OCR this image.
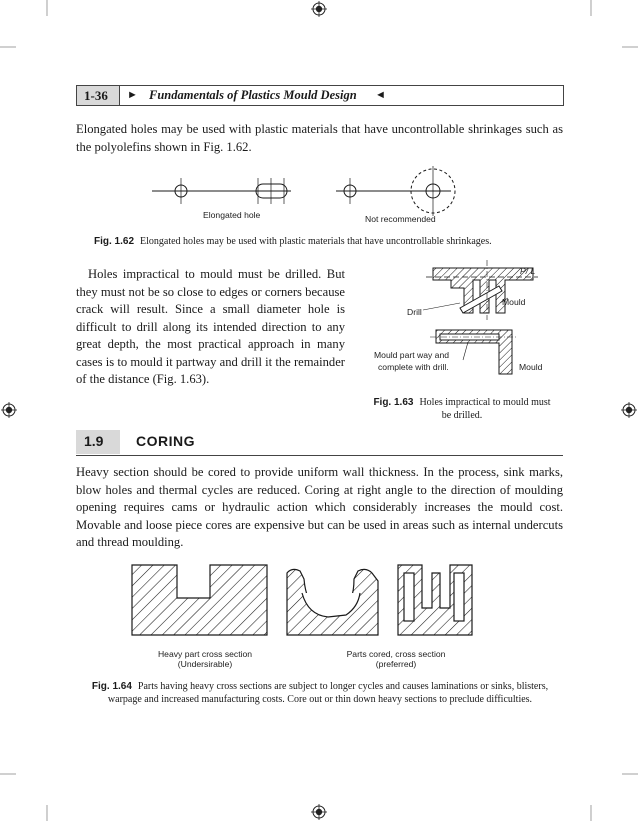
1-36 ► Fundamentals of Plastics Mould Design ◄
Elongated holes may be used with plastic materials that have uncontrollable shrinkages such as the polyolefins shown in Fig. 1.62.
Elongated hole	Not recommended
Fig. 1.62 Elongated holes may be used with plastic materials that have uncontrollable shrinkages.
Holes impractical to mould must be drilled. But they must not be so close to edges or corners because crack will result. Since a small diameter hole is difficult to drill along its intended direction to any great depth, the most practical approach in many cases is to mould it partway and drill it the remainder of the distance (Fig. 1.63).
P/ L
Drill
Mould
Mould part way and
complete with drill.	Mould
Fig. 1.63 Holes impractical to mould must
be drilled.
1.9 CORING
Heavy section should be cored to provide uniform wall thickness. In the process, sink marks, blow holes and thermal cycles are reduced. Coring at right angle to the direction of moulding opening requires cams or hydraulic action which considerably increases the mould cost. Movable and loose piece cores are expensive but can be used in areas such as internal undercuts and thread moulding.
Heavy part cross section
(Undersirable)
Parts cored, cross section
(preferred)
Fig. 1.64 Parts having heavy cross sections are subject to longer cycles and causes laminations or sinks, blisters, warpage and increased manufacturing costs. Core out or thin down heavy sections to preclude difficulties.
